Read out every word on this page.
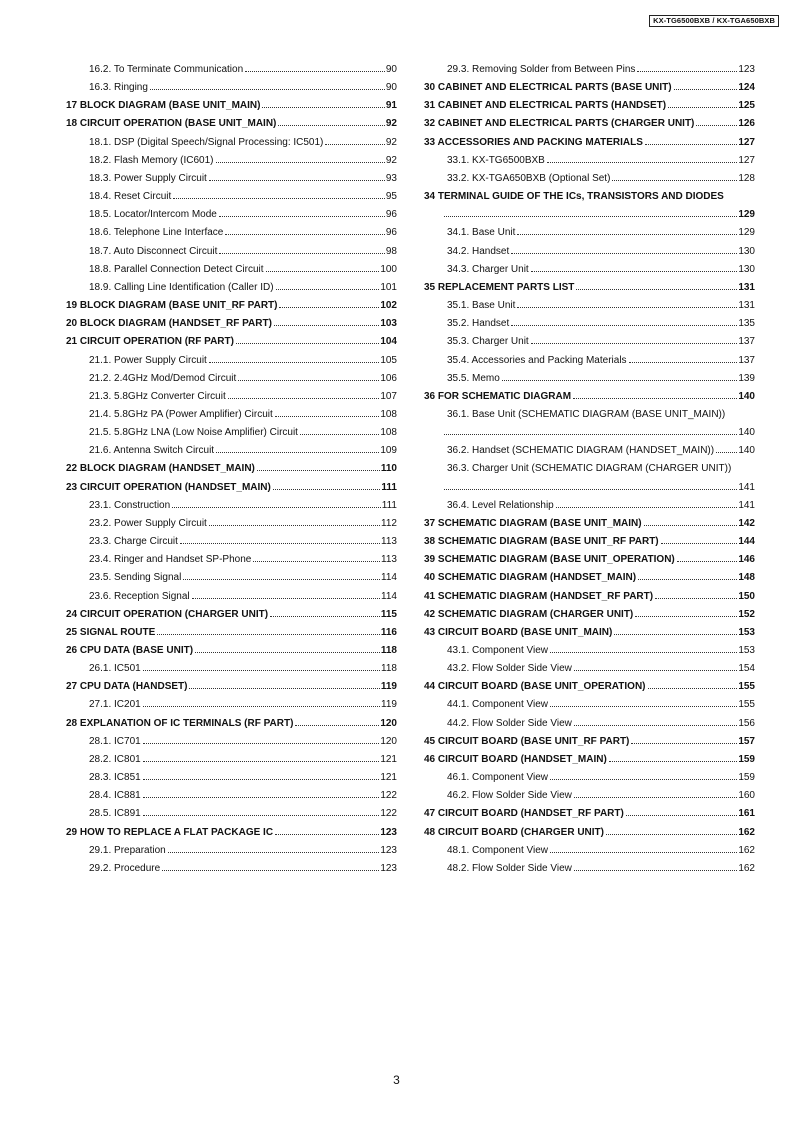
KX-TG6500BXB / KX-TGA650BXB
16.2. To Terminate Communication	90
16.3. Ringing	90
17 BLOCK DIAGRAM (BASE UNIT_MAIN)	91
18 CIRCUIT OPERATION (BASE UNIT_MAIN)	92
18.1. DSP (Digital Speech/Signal Processing: IC501)	92
18.2. Flash Memory (IC601)	92
18.3. Power Supply Circuit	93
18.4. Reset Circuit	95
18.5. Locator/Intercom Mode	96
18.6. Telephone Line Interface	96
18.7. Auto Disconnect Circuit	98
18.8. Parallel Connection Detect Circuit	100
18.9. Calling Line Identification (Caller ID)	101
19 BLOCK DIAGRAM (BASE UNIT_RF PART)	102
20 BLOCK DIAGRAM (HANDSET_RF PART)	103
21 CIRCUIT OPERATION (RF PART)	104
21.1. Power Supply Circuit	105
21.2. 2.4GHz Mod/Demod Circuit	106
21.3. 5.8GHz Converter Circuit	107
21.4. 5.8GHz PA (Power Amplifier) Circuit	108
21.5. 5.8GHz LNA (Low Noise Amplifier) Circuit	108
21.6. Antenna Switch Circuit	109
22 BLOCK DIAGRAM (HANDSET_MAIN)	110
23 CIRCUIT OPERATION (HANDSET_MAIN)	111
23.1. Construction	111
23.2. Power Supply Circuit	112
23.3. Charge Circuit	113
23.4. Ringer and Handset SP-Phone	113
23.5. Sending Signal	114
23.6. Reception Signal	114
24 CIRCUIT OPERATION (CHARGER UNIT)	115
25 SIGNAL ROUTE	116
26 CPU DATA (BASE UNIT)	118
26.1. IC501	118
27 CPU DATA (HANDSET)	119
27.1. IC201	119
28 EXPLANATION OF IC TERMINALS (RF PART)	120
28.1. IC701	120
28.2. IC801	121
28.3. IC851	121
28.4. IC881	122
28.5. IC891	122
29 HOW TO REPLACE A FLAT PACKAGE IC	123
29.1. Preparation	123
29.2. Procedure	123
29.3. Removing Solder from Between Pins	123
30 CABINET AND ELECTRICAL PARTS (BASE UNIT)	124
31 CABINET AND ELECTRICAL PARTS (HANDSET)	125
32 CABINET AND ELECTRICAL PARTS (CHARGER UNIT)	126
33 ACCESSORIES AND PACKING MATERIALS	127
33.1. KX-TG6500BXB	127
33.2. KX-TGA650BXB (Optional Set)	128
34 TERMINAL GUIDE OF THE ICs, TRANSISTORS AND DIODES
129
34.1. Base Unit	129
34.2. Handset	130
34.3. Charger Unit	130
35 REPLACEMENT PARTS LIST	131
35.1. Base Unit	131
35.2. Handset	135
35.3. Charger Unit	137
35.4. Accessories and Packing Materials	137
35.5. Memo	139
36 FOR SCHEMATIC DIAGRAM	140
36.1. Base Unit (SCHEMATIC DIAGRAM (BASE UNIT_MAIN))
140
36.2. Handset (SCHEMATIC DIAGRAM (HANDSET_MAIN)) 140
36.3. Charger Unit (SCHEMATIC DIAGRAM (CHARGER UNIT))
141
36.4. Level Relationship	141
37 SCHEMATIC DIAGRAM (BASE UNIT_MAIN)	142
38 SCHEMATIC DIAGRAM (BASE UNIT_RF PART)	144
39 SCHEMATIC DIAGRAM (BASE UNIT_OPERATION)	146
40 SCHEMATIC DIAGRAM (HANDSET_MAIN)	148
41 SCHEMATIC DIAGRAM (HANDSET_RF PART)	150
42 SCHEMATIC DIAGRAM (CHARGER UNIT)	152
43 CIRCUIT BOARD (BASE UNIT_MAIN)	153
43.1. Component View	153
43.2. Flow Solder Side View	154
44 CIRCUIT BOARD (BASE UNIT_OPERATION)	155
44.1. Component View	155
44.2. Flow Solder Side View	156
45 CIRCUIT BOARD (BASE UNIT_RF PART)	157
46 CIRCUIT BOARD (HANDSET_MAIN)	159
46.1. Component View	159
46.2. Flow Solder Side View	160
47 CIRCUIT BOARD (HANDSET_RF PART)	161
48 CIRCUIT BOARD (CHARGER UNIT)	162
48.1. Component View	162
48.2. Flow Solder Side View	162
3
